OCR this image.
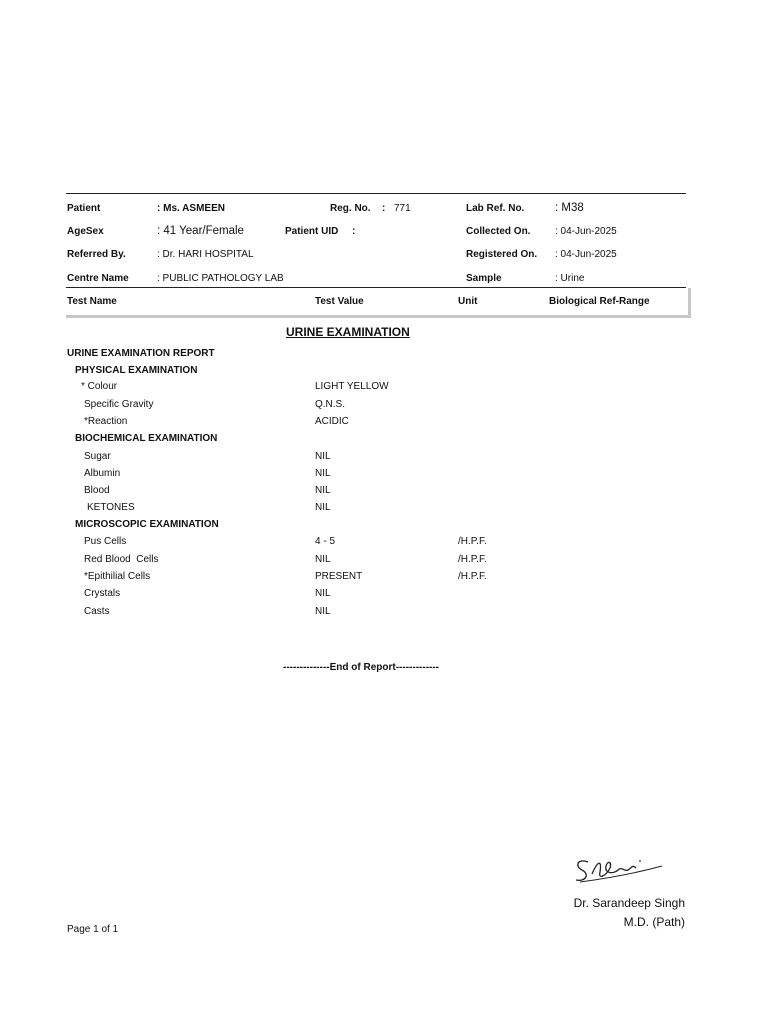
Patient	: Ms. ASMEEN	Reg. No. : 771	Lab Ref. No.	: M38
AgeSex	: 41 Year/Female	Patient UID :	Collected On. : 04-Jun-2025
Referred By.	: Dr. HARI HOSPITAL	Registered On. : 04-Jun-2025
Centre Name	: PUBLIC PATHOLOGY LAB	Sample	: Urine
Test Name	Test Value	Unit	Biological Ref-Range
URINE EXAMINATION
URINE EXAMINATION REPORT
PHYSICAL EXAMINATION
* Colour	LIGHT YELLOW
Specific Gravity	Q.N.S.
*Reaction	ACIDIC
BIOCHEMICAL EXAMINATION
Sugar	NIL
Albumin	NIL
Blood	NIL
KETONES	NIL
MICROSCOPIC EXAMINATION
Pus Cells	4 - 5	/H.P.F.
Red Blood  Cells	NIL	/H.P.F.
*Epithilial Cells	PRESENT	/H.P.F.
Crystals	NIL
Casts	NIL
--------------End of Report-------------
Dr. Sarandeep Singh
M.D. (Path)
Page 1 of 1
